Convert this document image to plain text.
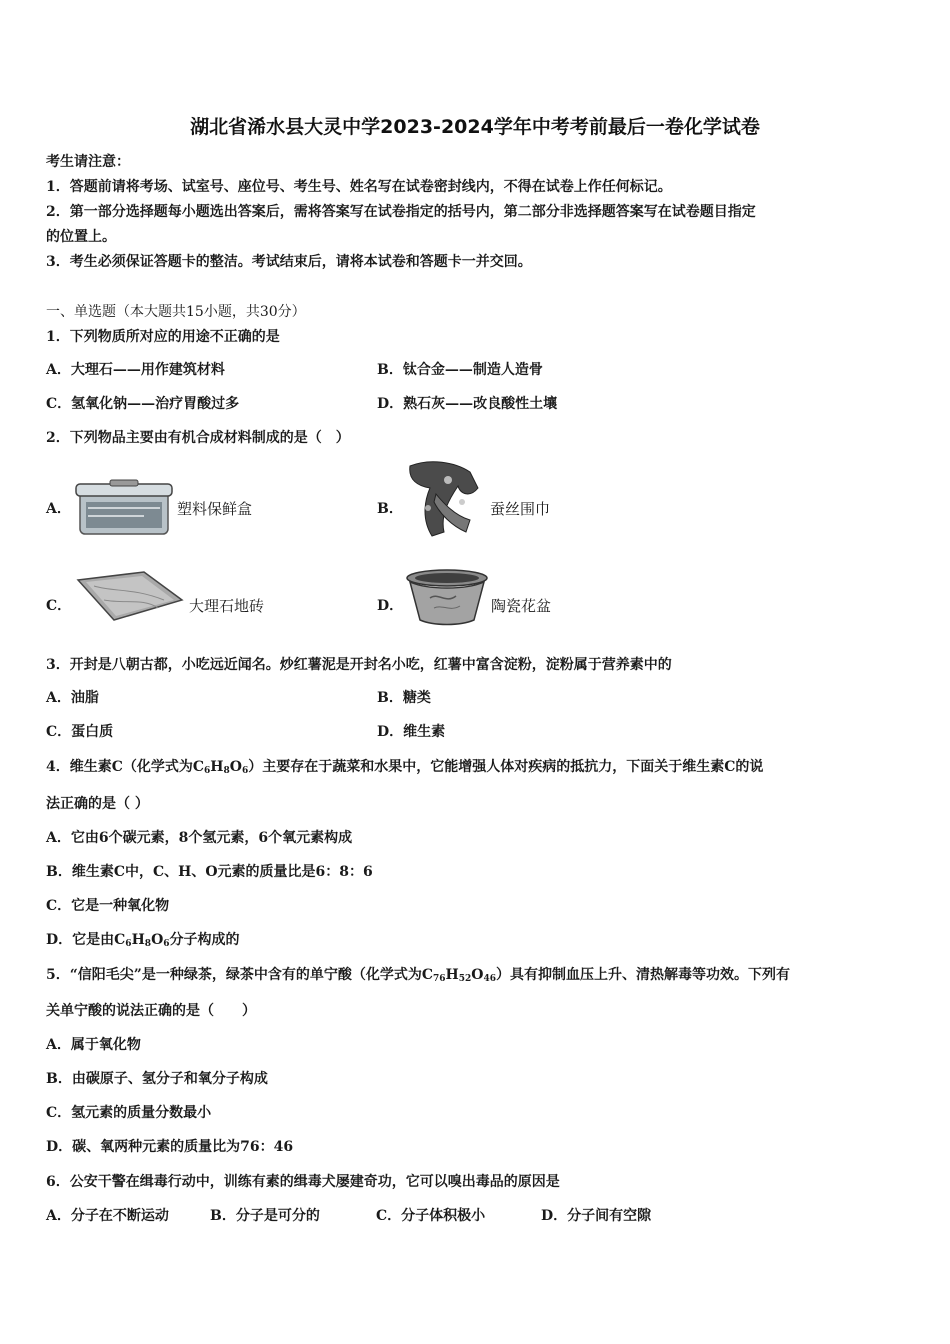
湖北省浠水县大灵中学2023-2024学年中考考前最后一卷化学试卷
考生请注意：
1．答题前请将考场、试室号、座位号、考生号、姓名写在试卷密封线内，不得在试卷上作任何标记。
2．第一部分选择题每小题选出答案后，需将答案写在试卷指定的括号内，第二部分非选择题答案写在试卷题目指定
的位置上。
3．考生必须保证答题卡的整洁。考试结束后，请将本试卷和答题卡一并交回。
一、单选题（本大题共15小题，共30分）
1．下列物质所对应的用途不正确的是
A．大理石——用作建筑材料	B．钛合金——制造人造骨
C．氢氧化钠——治疗胃酸过多	D．熟石灰——改良酸性土壤
2．下列物品主要由有机合成材料制成的是（　）
A．	塑料保鲜盒	B．	蚕丝围巾
C．	大理石地砖	D．	陶瓷花盆
3．开封是八朝古都，小吃远近闻名。炒红薯泥是开封名小吃，红薯中富含淀粉，淀粉属于营养素中的
A．油脂	B．糖类
C．蛋白质	D．维生素
4．维生素C（化学式为$C_6H_8O_6$）主要存在于蔬菜和水果中，它能增强人体对疾病的抵抗力，下面关于维生素C的说
法正确的是（ ）
A．它由6个碳元素，8个氢元素，6个氧元素构成
B．维生素C中，C、H、O元素的质量比是6：8：6
C．它是一种氧化物
D．它是由$C_6H_8O_6$分子构成的
5．“信阳毛尖”是一种绿茶，绿茶中含有的单宁酸（化学式为$C_{76}H_{52}O_{46}$）具有抑制血压上升、清热解毒等功效。下列有
关单宁酸的说法正确的是（　　）
A．属于氧化物
B．由碳原子、氢分子和氧分子构成
C．氢元素的质量分数最小
D．碳、氧两种元素的质量比为76：46
6．公安干警在缉毒行动中，训练有素的缉毒犬屡建奇功，它可以嗅出毒品的原因是
A．分子在不断运动	B．分子是可分的	C．分子体积极小	D．分子间有空隙
